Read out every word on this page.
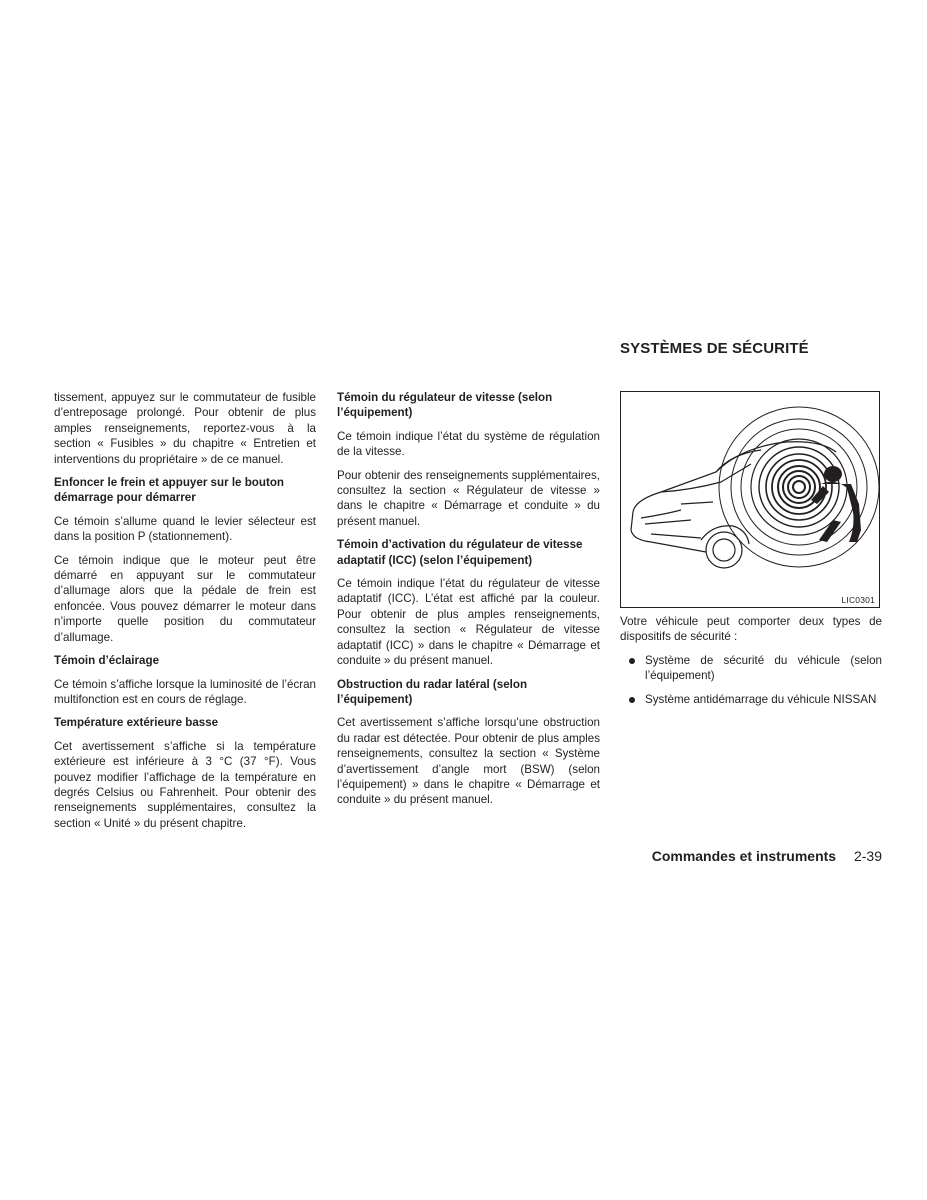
SYSTÈMES DE SÉCURITÉ

tissement, appuyez sur le commutateur de fusible d’entreposage prolongé. Pour obtenir de plus amples renseignements, reportez-vous à la section « Fusibles » du chapitre « Entretien et interventions du propriétaire » de ce manuel.

Enfoncer le frein et appuyer sur le bouton démarrage pour démarrer

Ce témoin s’allume quand le levier sélecteur est dans la position P (stationnement).

Ce témoin indique que le moteur peut être démarré en appuyant sur le commutateur d’allumage alors que la pédale de frein est enfoncée. Vous pouvez démarrer le moteur dans n’importe quelle position du commutateur d’allumage.

Témoin d’éclairage

Ce témoin s’affiche lorsque la luminosité de l’écran multifonction est en cours de réglage.

Température extérieure basse

Cet avertissement s’affiche si la température extérieure est inférieure à 3 °C (37 °F). Vous pouvez modifier l’affichage de la température en degrés Celsius ou Fahrenheit. Pour obtenir des renseignements supplémentaires, consultez la section « Unité » du présent chapitre.

Témoin du régulateur de vitesse (selon l’équipement)

Ce témoin indique l’état du système de régulation de la vitesse.

Pour obtenir des renseignements supplémentaires, consultez la section « Régulateur de vitesse » dans le chapitre « Démarrage et conduite » du présent manuel.

Témoin d’activation du régulateur de vitesse adaptatif (ICC) (selon l’équipement)

Ce témoin indique l’état du régulateur de vitesse adaptatif (ICC). L’état est affiché par la couleur. Pour obtenir de plus amples renseignements, consultez la section « Régulateur de vitesse adaptatif (ICC) » dans le chapitre « Démarrage et conduite » du présent manuel.

Obstruction du radar latéral (selon l’équipement)

Cet avertissement s’affiche lorsqu’une obstruction du radar est détectée. Pour obtenir de plus amples renseignements, consultez la section « Système d’avertissement d’angle mort (BSW) (selon l’équipement) » dans le chapitre « Démarrage et conduite » du présent manuel.

LIC0301

Votre véhicule peut comporter deux types de dispositifs de sécurité :

Système de sécurité du véhicule (selon l’équipement)
Système antidémarrage du véhicule NISSAN
Commandes et instruments 2-39
